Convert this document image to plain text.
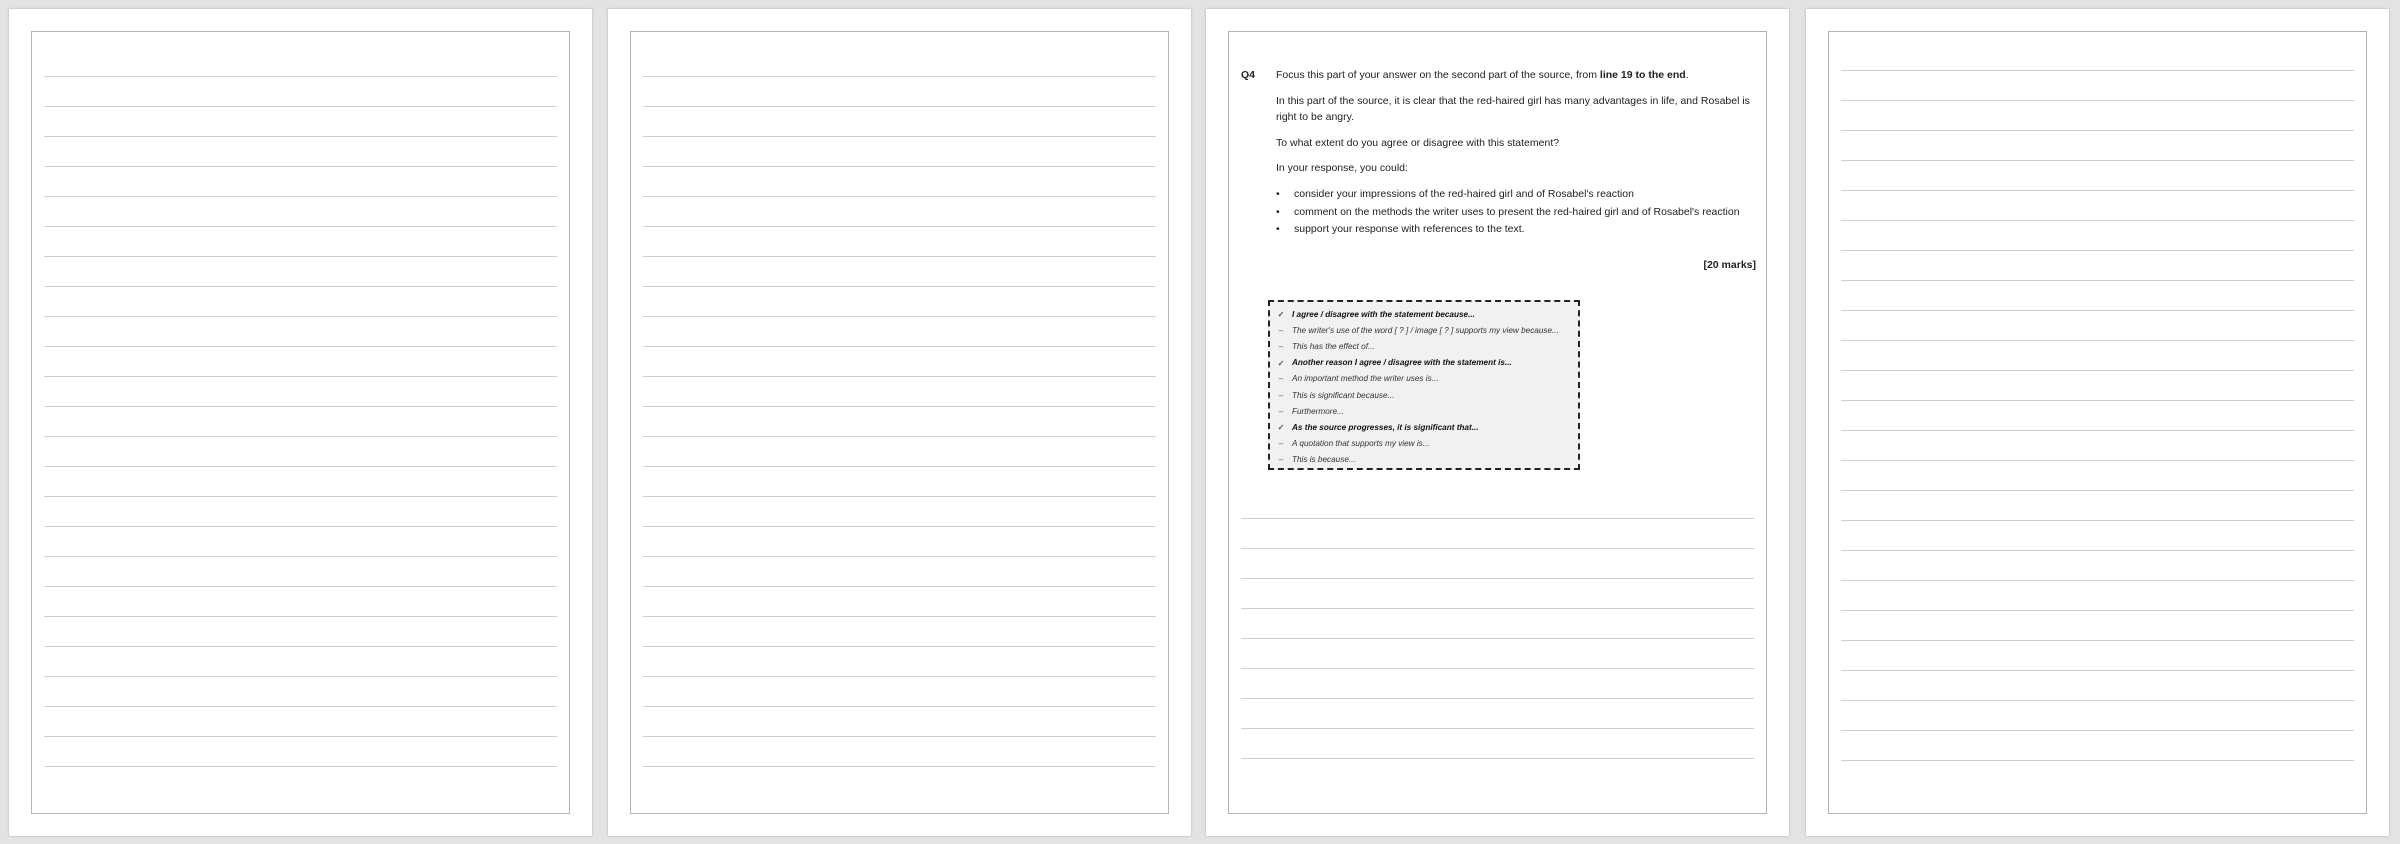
Q4 Focus this part of your answer on the second part of the source, from line 19 to the end.
In this part of the source, it is clear that the red-haired girl has many advantages in life, and Rosabel is right to be angry.
To what extent do you agree or disagree with this statement?
In your response, you could:
• consider your impressions of the red-haired girl and of Rosabel's reaction
• comment on the methods the writer uses to present the red-haired girl and of Rosabel's reaction
• support your response with references to the text.
[20 marks]
✓ I agree / disagree with the statement because...
–	The writer's use of the word [ ? ] / image [ ? ] supports my view because...
–	This has the effect of...
✓ Another reason I agree / disagree with the statement is...
–	An important method the writer uses is...
–	This is significant because...
–	Furthermore...
✓ As the source progresses, it is significant that...
–	A quotation that supports my view is...
–	This is because...
